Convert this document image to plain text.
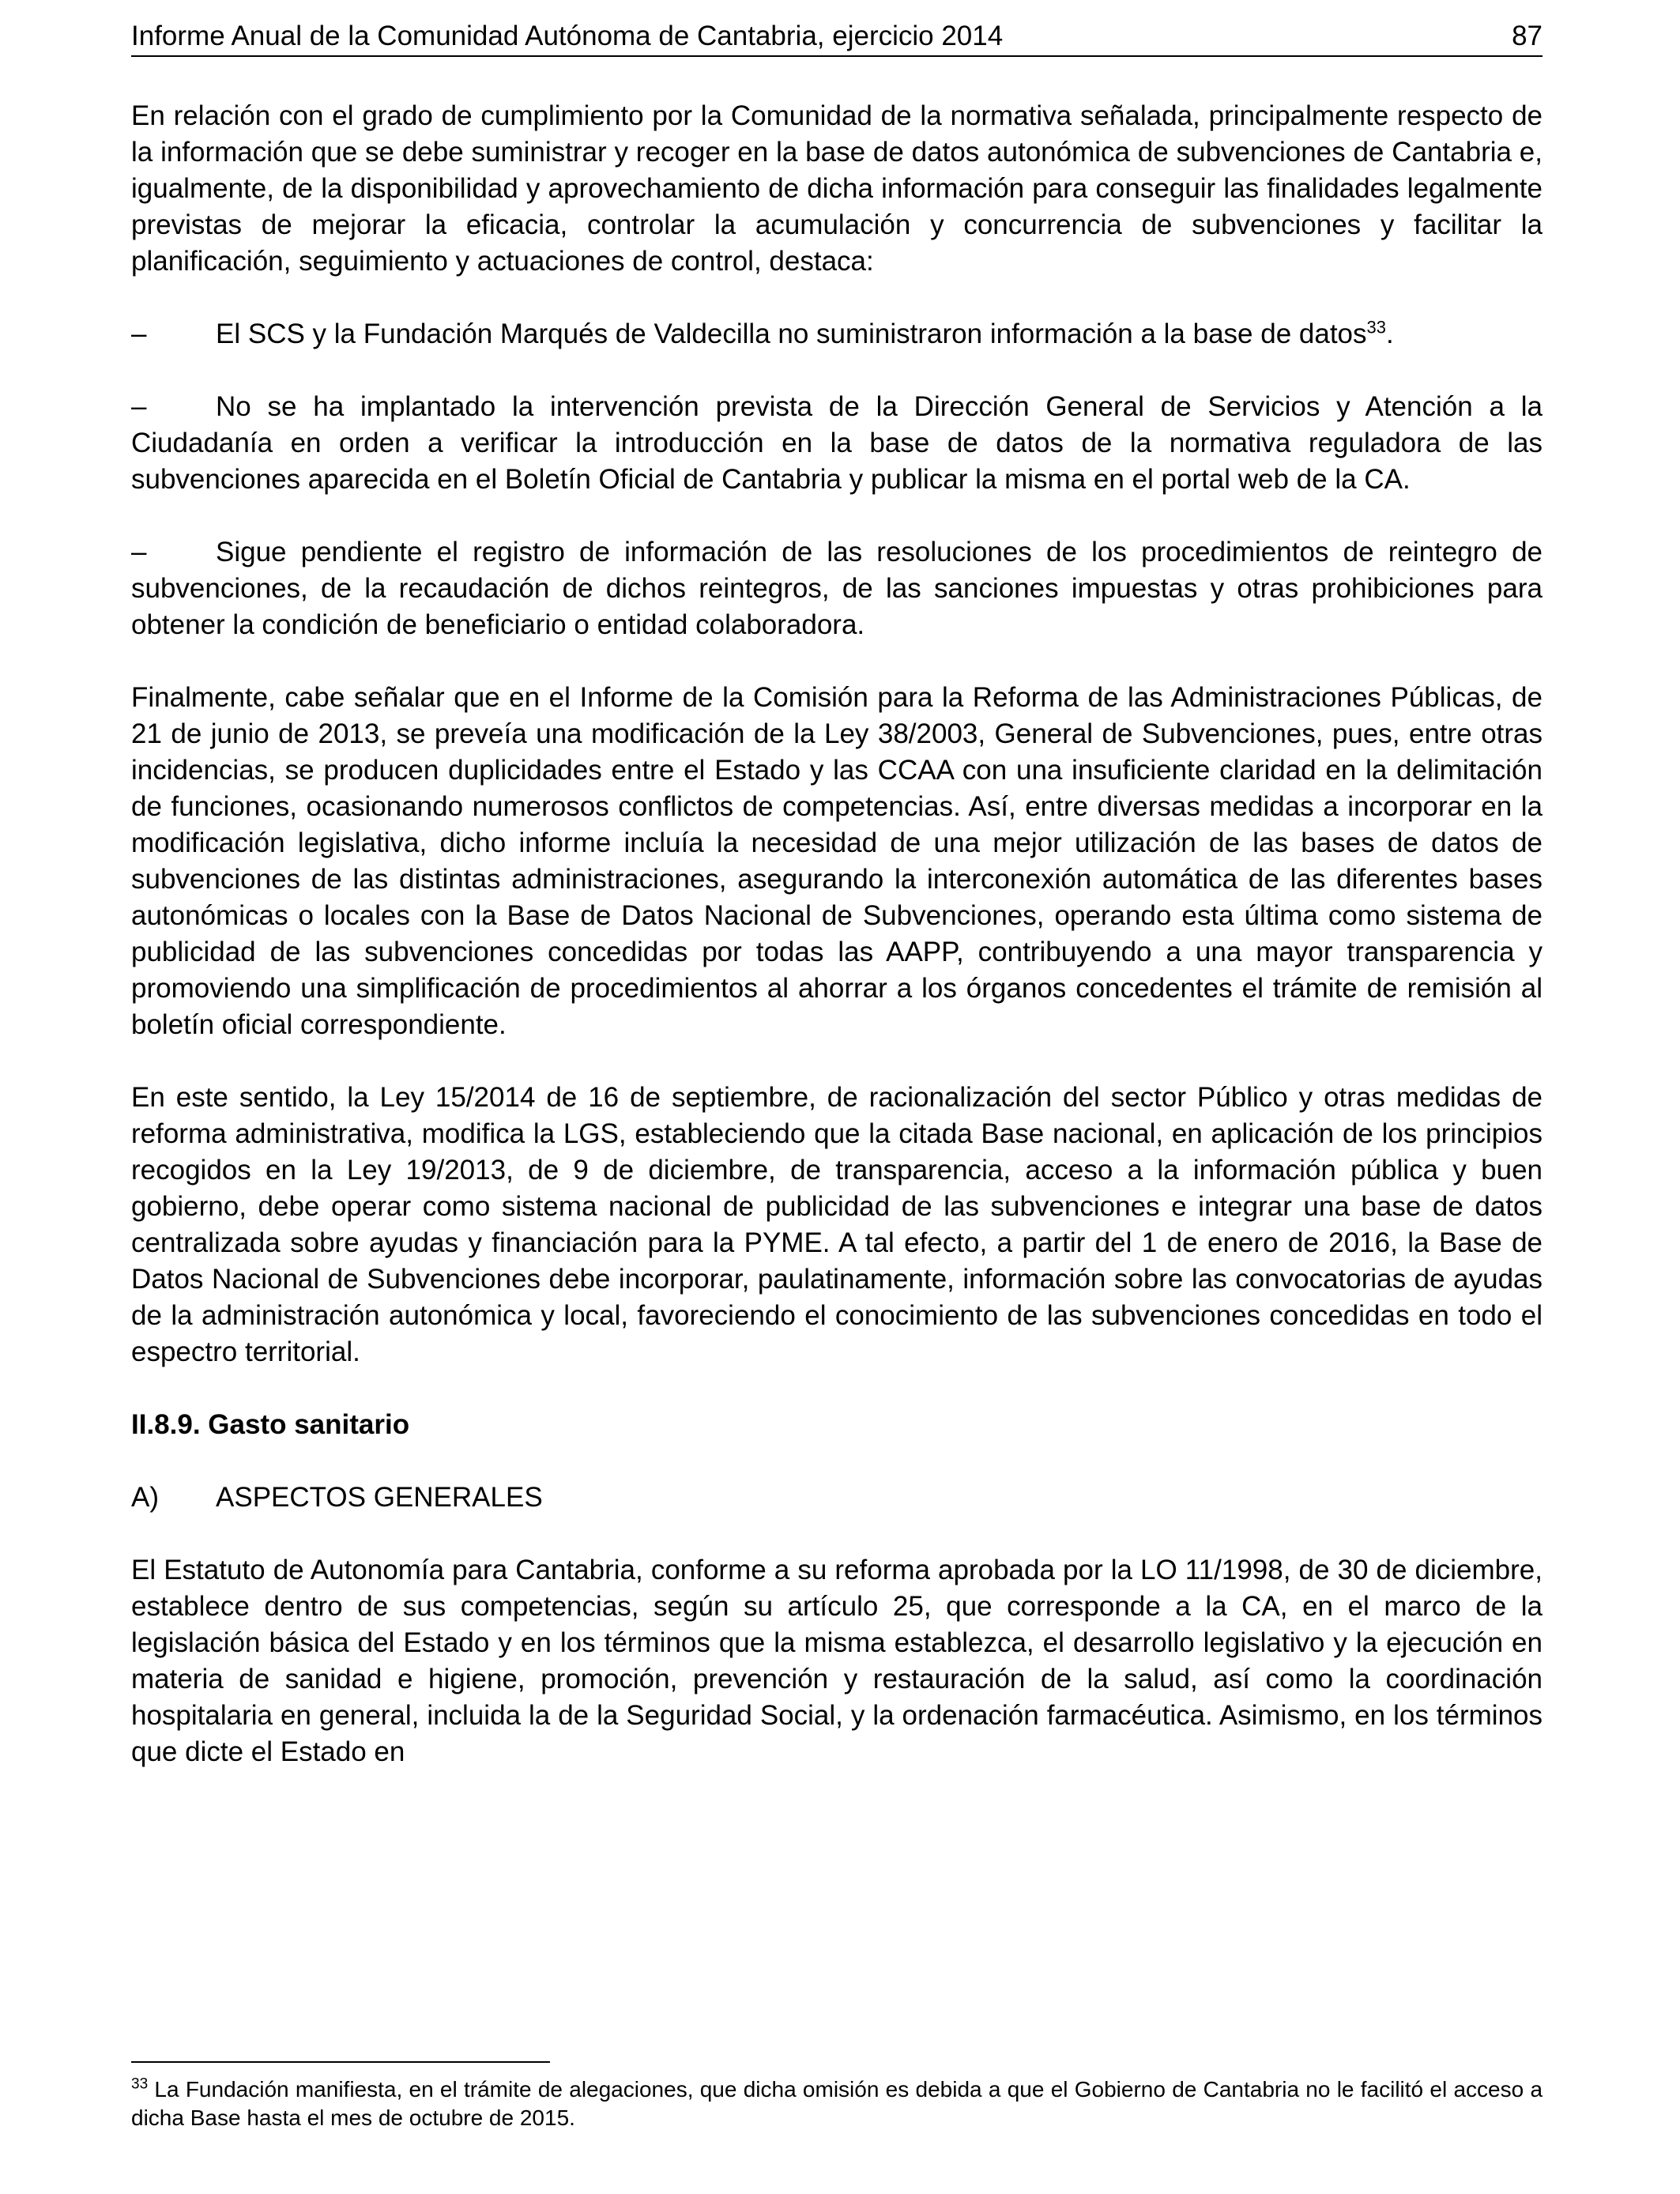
Informe Anual de la Comunidad Autónoma de Cantabria, ejercicio 2014	87

En relación con el grado de cumplimiento por la Comunidad de la normativa señalada, principalmente respecto de la información que se debe suministrar y recoger en la base de datos autonómica de subvenciones de Cantabria e, igualmente, de la disponibilidad y aprovechamiento de dicha información para conseguir las finalidades legalmente previstas de mejorar la eficacia, controlar la acumulación y concurrencia de subvenciones y facilitar la planificación, seguimiento y actuaciones de control, destaca:

–	El SCS y la Fundación Marqués de Valdecilla no suministraron información a la base de datos$^{33}$.

–	No se ha implantado la intervención prevista de la Dirección General de Servicios y Atención a la Ciudadanía en orden a verificar la introducción en la base de datos de la normativa reguladora de las subvenciones aparecida en el Boletín Oficial de Cantabria y publicar la misma en el portal web de la CA.

–	Sigue pendiente el registro de información de las resoluciones de los procedimientos de reintegro de subvenciones, de la recaudación de dichos reintegros, de las sanciones impuestas y otras prohibiciones para obtener la condición de beneficiario o entidad colaboradora.

Finalmente, cabe señalar que en el Informe de la Comisión para la Reforma de las Administraciones Públicas, de 21 de junio de 2013, se preveía una modificación de la Ley 38/2003, General de Subvenciones, pues, entre otras incidencias, se producen duplicidades entre el Estado y las CCAA con una insuficiente claridad en la delimitación de funciones, ocasionando numerosos conflictos de competencias. Así, entre diversas medidas a incorporar en la modificación legislativa, dicho informe incluía la necesidad de una mejor utilización de las bases de datos de subvenciones de las distintas administraciones, asegurando la interconexión automática de las diferentes bases autonómicas o locales con la Base de Datos Nacional de Subvenciones, operando esta última como sistema de publicidad de las subvenciones concedidas por todas las AAPP, contribuyendo a una mayor transparencia y promoviendo una simplificación de procedimientos al ahorrar a los órganos concedentes el trámite de remisión al boletín oficial correspondiente.

En este sentido, la Ley 15/2014 de 16 de septiembre, de racionalización del sector Público y otras medidas de reforma administrativa, modifica la LGS, estableciendo que la citada Base nacional, en aplicación de los principios recogidos en la Ley 19/2013, de 9 de diciembre, de transparencia, acceso a la información pública y buen gobierno, debe operar como sistema nacional de publicidad de las subvenciones e integrar una base de datos centralizada sobre ayudas y financiación para la PYME. A tal efecto, a partir del 1 de enero de 2016, la Base de Datos Nacional de Subvenciones debe incorporar, paulatinamente, información sobre las convocatorias de ayudas de la administración autonómica y local, favoreciendo el conocimiento de las subvenciones concedidas en todo el espectro territorial.

II.8.9. Gasto sanitario

A) ASPECTOS GENERALES

El Estatuto de Autonomía para Cantabria, conforme a su reforma aprobada por la LO 11/1998, de 30 de diciembre, establece dentro de sus competencias, según su artículo 25, que corresponde a la CA, en el marco de la legislación básica del Estado y en los términos que la misma establezca, el desarrollo legislativo y la ejecución en materia de sanidad e higiene, promoción, prevención y restauración de la salud, así como la coordinación hospitalaria en general, incluida la de la Seguridad Social, y la ordenación farmacéutica. Asimismo, en los términos que dicte el Estado en

$^{33}$ La Fundación manifiesta, en el trámite de alegaciones, que dicha omisión es debida a que el Gobierno de Cantabria no le facilitó el acceso a dicha Base hasta el mes de octubre de 2015.
